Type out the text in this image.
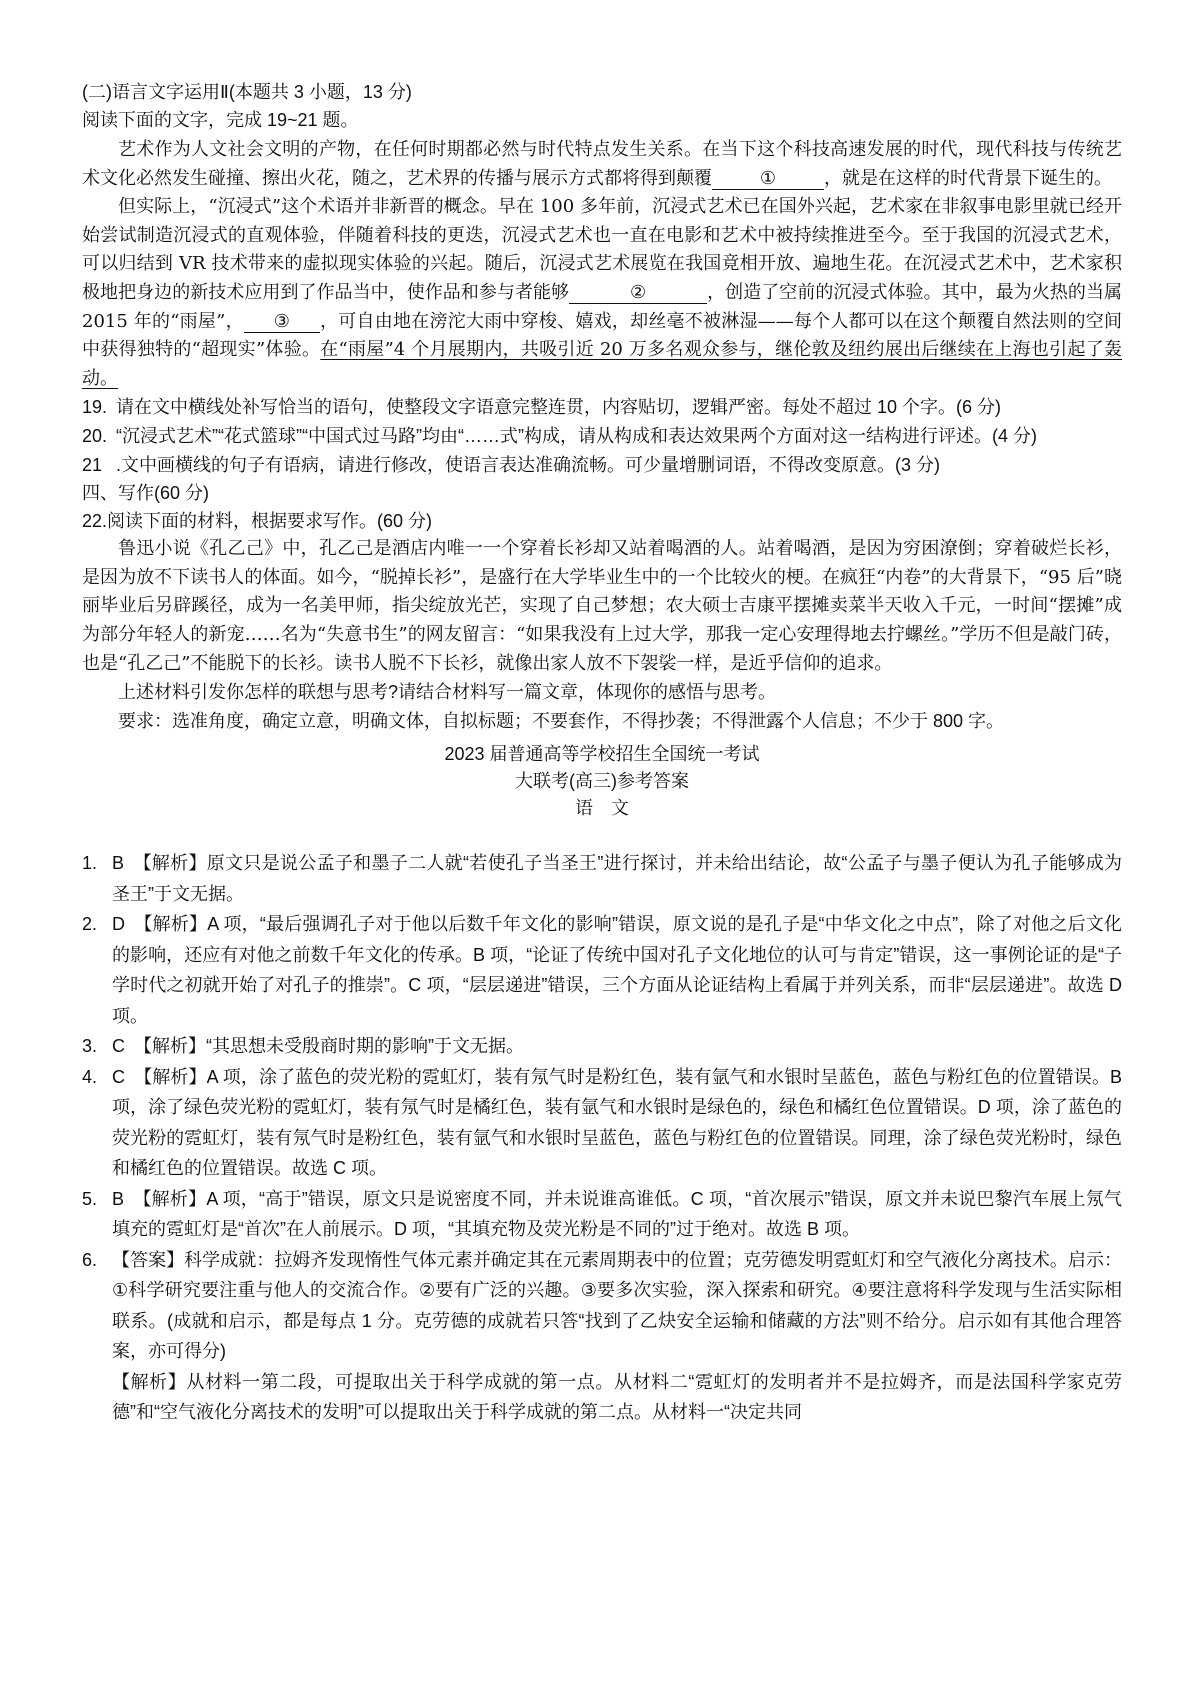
(二)语言文字运用Ⅱ(本题共 3 小题，13 分)
阅读下面的文字，完成 19~21 题。

艺术作为人文社会文明的产物，在任何时期都必然与时代特点发生关系。在当下这个科技高速发展的时代，现代科技与传统艺术文化必然发生碰撞、擦出火花，随之，艺术界的传播与展示方式都将得到颠覆	①	，就是在这样的时代背景下诞生的。

但实际上，“沉浸式”这个术语并非新晋的概念。早在 100 多年前，沉浸式艺术已在国外兴起，艺术家在非叙事电影里就已经开始尝试制造沉浸式的直观体验，伴随着科技的更迭，沉浸式艺术也一直在电影和艺术中被持续推进至今。至于我国的沉浸式艺术，可以归结到 VR 技术带来的虚拟现实体验的兴起。随后，沉浸式艺术展览在我国竟相开放、遍地生花。在沉浸式艺术中，艺术家积极地把身边的新技术应用到了作品当中，使作品和参与者能够	②	，创造了空前的沉浸式体验。其中，最为火热的当属 2015 年的“雨屋”， ③ ，可自由地在滂沱大雨中穿梭、嬉戏，却丝毫不被淋湿——每个人都可以在这个颠覆自然法则的空间中获得独特的“超现实”体验。在“雨屋”4 个月展期内，共吸引近 20 万多名观众参与，继伦敦及纽约展出后继续在上海也引起了轰动。

19. 请在文中横线处补写恰当的语句，使整段文字语意完整连贯，内容贴切，逻辑严密。每处不超过 10 个字。(6 分)
20. “沉浸式艺术”“花式篮球”“中国式过马路”均由“……式”构成，请从构成和表达效果两个方面对这一结构进行评述。(4 分)
21 .文中画横线的句子有语病，请进行修改，使语言表达准确流畅。可少量增删词语，不得改变原意。(3 分)
四、写作(60 分)
22.阅读下面的材料，根据要求写作。(60 分)

鲁迅小说《孔乙己》中，孔乙己是酒店内唯一一个穿着长衫却又站着喝酒的人。站着喝酒，是因为穷困潦倒；穿着破烂长衫，是因为放不下读书人的体面。如今，“脱掉长衫”，是盛行在大学毕业生中的一个比较火的梗。在疯狂“内卷”的大背景下，“95 后”晓丽毕业后另辟蹊径，成为一名美甲师，指尖绽放光芒，实现了自己梦想；农大硕士吉康平摆摊卖菜半天收入千元，一时间“摆摊”成为部分年轻人的新宠……名为“失意书生”的网友留言：“如果我没有上过大学，那我一定心安理得地去拧螺丝。”学历不但是敲门砖，也是“孔乙己”不能脱下的长衫。读书人脱不下长衫，就像出家人放不下袈裟一样，是近乎信仰的追求。

上述材料引发你怎样的联想与思考?请结合材料写一篇文章，体现你的感悟与思考。

要求：选准角度，确定立意，明确文体，自拟标题；不要套作，不得抄袭；不得泄露个人信息；不少于 800 字。

2023 届普通高等学校招生全国统一考试
大联考(高三)参考答案
语　文
1. B　【解析】原文只是说公孟子和墨子二人就“若使孔子当圣王”进行探讨，并未给出结论，故“公孟子与墨子便认为孔子能够成为圣王”于文无据。
2. D　【解析】A 项，“最后强调孔子对于他以后数千年文化的影响”错误，原文说的是孔子是“中华文化之中点”，除了对他之后文化的影响，还应有对他之前数千年文化的传承。B 项，“论证了传统中国对孔子文化地位的认可与肯定”错误，这一事例论证的是“子学时代之初就开始了对孔子的推崇”。C 项，“层层递进”错误，三个方面从论证结构上看属于并列关系，而非“层层递进”。故选 D 项。
3. C　【解析】“其思想未受殷商时期的影响”于文无据。
4. C　【解析】A 项，涂了蓝色的荧光粉的霓虹灯，装有氖气时是粉红色，装有氩气和水银时呈蓝色，蓝色与粉红色的位置错误。B 项，涂了绿色荧光粉的霓虹灯，装有氖气时是橘红色，装有氩气和水银时是绿色的，绿色和橘红色位置错误。D 项，涂了蓝色的荧光粉的霓虹灯，装有氖气时是粉红色，装有氩气和水银时呈蓝色，蓝色与粉红色的位置错误。同理，涂了绿色荧光粉时，绿色和橘红色的位置错误。故选 C 项。
5. B　【解析】A 项，“高于”错误，原文只是说密度不同，并未说谁高谁低。C 项，“首次展示”错误，原文并未说巴黎汽车展上氖气填充的霓虹灯是“首次”在人前展示。D 项，“其填充物及荧光粉是不同的”过于绝对。故选 B 项。
6. 【答案】科学成就：拉姆齐发现惰性气体元素并确定其在元素周期表中的位置；克劳德发明霓虹灯和空气液化分离技术。启示：①科学研究要注重与他人的交流合作。②要有广泛的兴趣。③要多次实验，深入探索和研究。④要注意将科学发现与生活实际相联系。(成就和启示，都是每点 1 分。克劳德的成就若只答“找到了乙炔安全运输和储藏的方法”则不给分。启示如有其他合理答案，亦可得分)

【解析】从材料一第二段，可提取出关于科学成就的第一点。从材料二“霓虹灯的发明者并不是拉姆齐，而是法国科学家克劳德”和“空气液化分离技术的发明”可以提取出关于科学成就的第二点。从材料一“决定共同
